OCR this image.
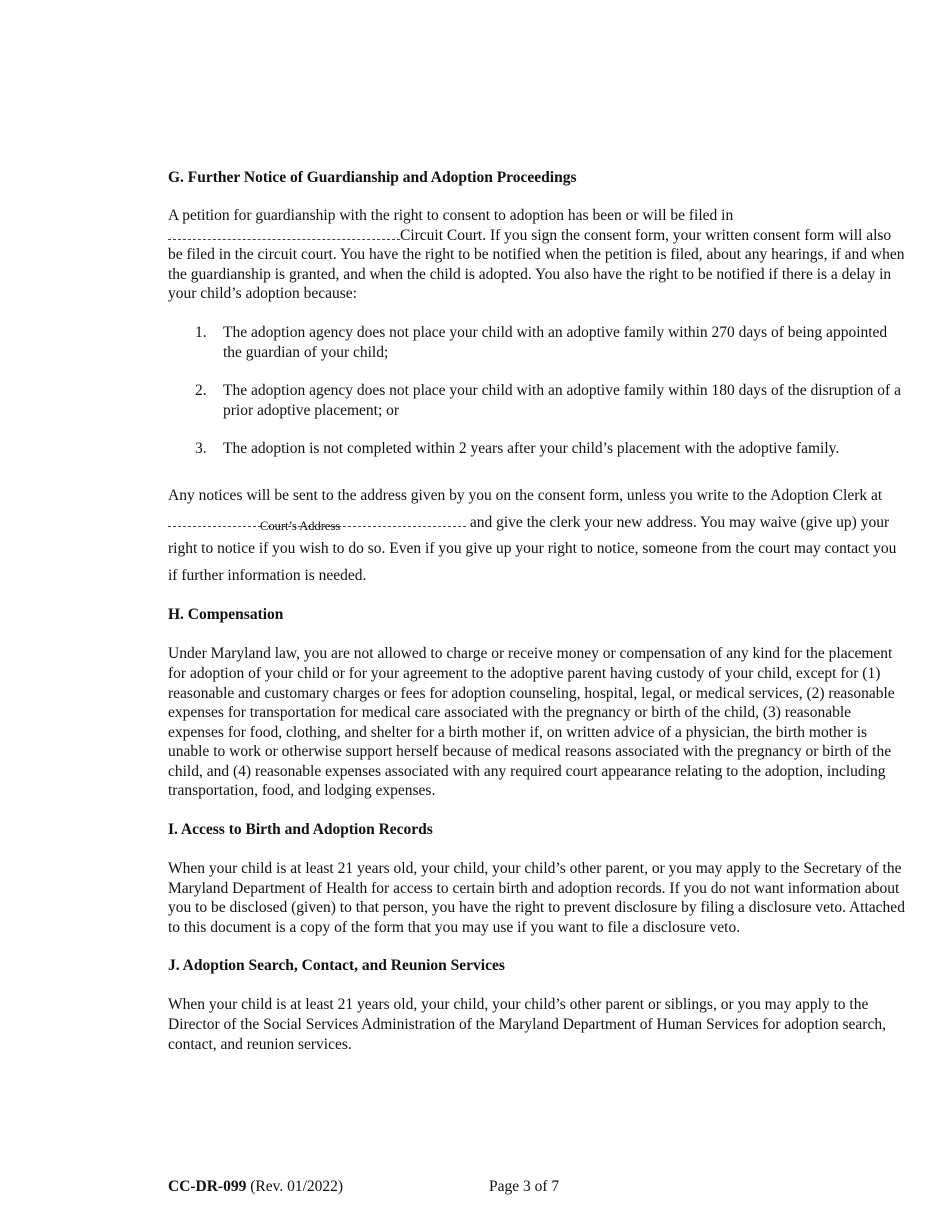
G. Further Notice of Guardianship and Adoption Proceedings

A petition for guardianship with the right to consent to adoption has been or will be filed in
Circuit Court. If you sign the consent form, your written consent form will also be filed in the circuit court. You have the right to be notified when the petition is filed, about any hearings, if and when the guardianship is granted, and when the child is adopted. You also have the right to be notified if there is a delay in your child’s adoption because:

1. The adoption agency does not place your child with an adoptive family within 270 days of being appointed the guardian of your child;
2. The adoption agency does not place your child with an adoptive family within 180 days of the disruption of a prior adoptive placement; or
3. The adoption is not completed within 2 years after your child’s placement with the adoptive family.

Any notices will be sent to the address given by you on the consent form, unless you write to the Adoption Clerk at
Court’s Address	and give the clerk your new address. You may waive (give up) your right to notice if you wish to do so. Even if you give up your right to notice, someone from the court may contact you if further information is needed.

H. Compensation

Under Maryland law, you are not allowed to charge or receive money or compensation of any kind for the placement for adoption of your child or for your agreement to the adoptive parent having custody of your child, except for (1) reasonable and customary charges or fees for adoption counseling, hospital, legal, or medical services, (2) reasonable expenses for transportation for medical care associated with the pregnancy or birth of the child, (3) reasonable expenses for food, clothing, and shelter for a birth mother if, on written advice of a physician, the birth mother is unable to work or otherwise support herself because of medical reasons associated with the pregnancy or birth of the child, and (4) reasonable expenses associated with any required court appearance relating to the adoption, including transportation, food, and lodging expenses.

I. Access to Birth and Adoption Records

When your child is at least 21 years old, your child, your child’s other parent, or you may apply to the Secretary of the Maryland Department of Health for access to certain birth and adoption records. If you do not want information about you to be disclosed (given) to that person, you have the right to prevent disclosure by filing a disclosure veto. Attached to this document is a copy of the form that you may use if you want to file a disclosure veto.

J. Adoption Search, Contact, and Reunion Services

When your child is at least 21 years old, your child, your child’s other parent or siblings, or you may apply to the Director of the Social Services Administration of the Maryland Department of Human Services for adoption search, contact, and reunion services.

CC-DR-099 (Rev. 01/2022)	Page 3 of 7
